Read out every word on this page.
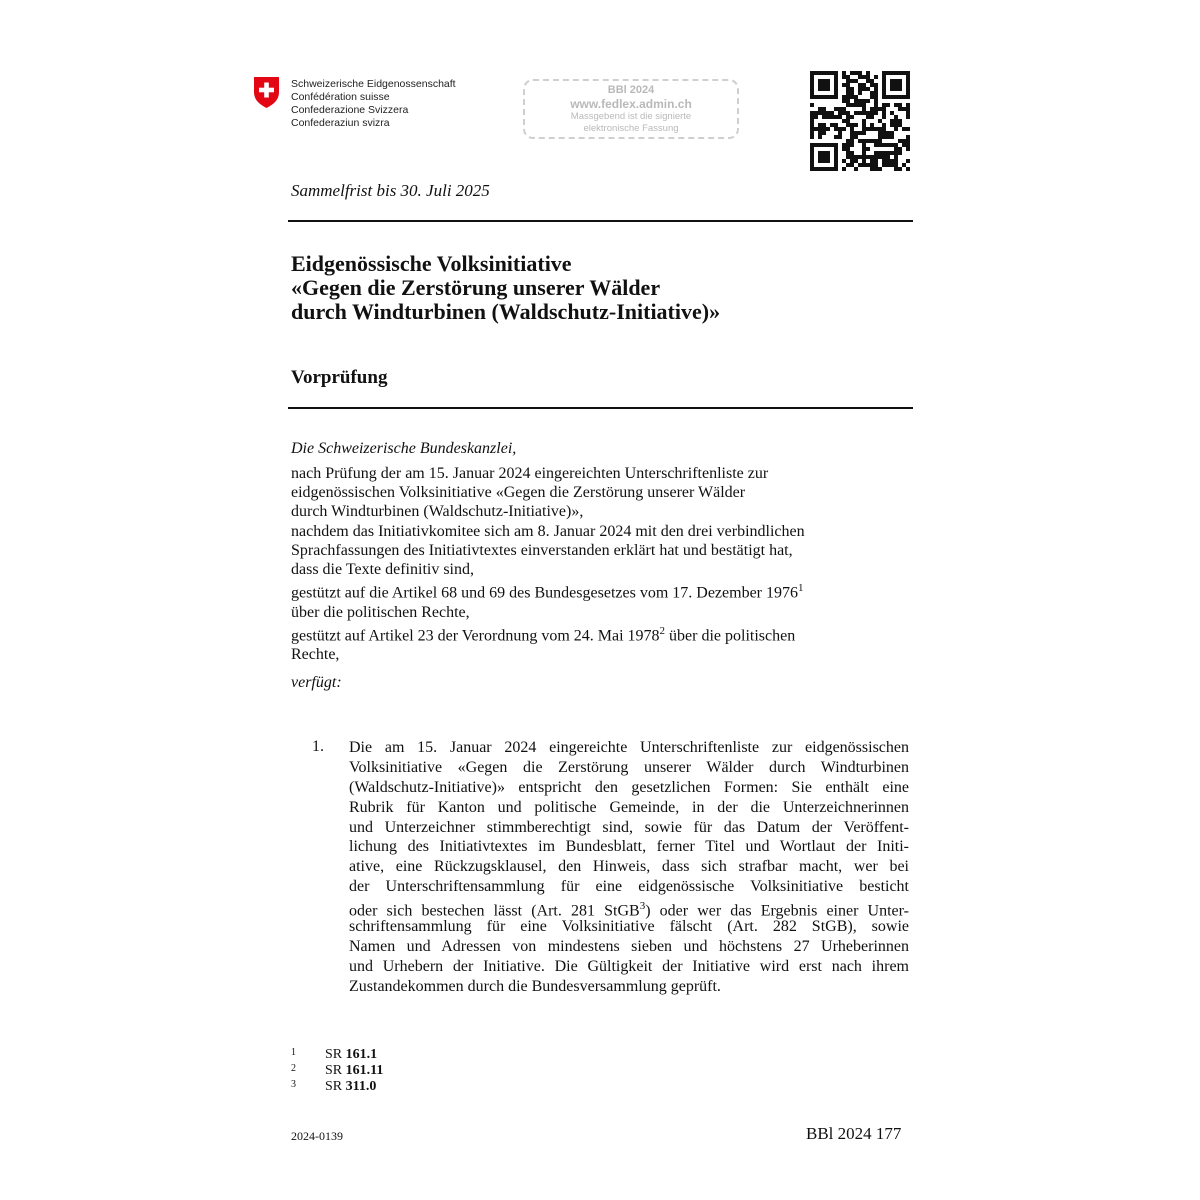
Schweizerische Eidgenossenschaft
Confédération suisse
Confederazione Svizzera
Confederaziun svizra
BBl 2024
www.fedlex.admin.ch
Massgebend ist die signierte
elektronische Fassung
Sammelfrist bis 30. Juli 2025
Eidgenössische Volksinitiative
«Gegen die Zerstörung unserer Wälder
durch Windturbinen (Waldschutz-Initiative)»
Vorprüfung
Die Schweizerische Bundeskanzlei,
nach Prüfung der am 15. Januar 2024 eingereichten Unterschriftenliste zur
eidgenössischen Volksinitiative «Gegen die Zerstörung unserer Wälder
durch Windturbinen (Waldschutz-Initiative)»,
nachdem das Initiativkomitee sich am 8. Januar 2024 mit den drei verbindlichen
Sprachfassungen des Initiativtextes einverstanden erklärt hat und bestätigt hat,
dass die Texte definitiv sind,
gestützt auf die Artikel 68 und 69 des Bundesgesetzes vom 17. Dezember 1976$^1$
über die politischen Rechte,
gestützt auf Artikel 23 der Verordnung vom 24. Mai 1978$^2$ über die politischen
Rechte,
verfügt:
1. Die am 15. Januar 2024 eingereichte Unterschriftenliste zur eidgenössischen
Volksinitiative «Gegen die Zerstörung unserer Wälder durch Windturbinen
(Waldschutz-Initiative)» entspricht den gesetzlichen Formen: Sie enthält eine
Rubrik für Kanton und politische Gemeinde, in der die Unterzeichnerinnen
und Unterzeichner stimmberechtigt sind, sowie für das Datum der Veröffent-
lichung des Initiativtextes im Bundesblatt, ferner Titel und Wortlaut der Initi-
ative, eine Rückzugsklausel, den Hinweis, dass sich strafbar macht, wer bei
der Unterschriftensammlung für eine eidgenössische Volksinitiative besticht
oder sich bestechen lässt (Art. 281 StGB$^3$) oder wer das Ergebnis einer Unter-
schriftensammlung für eine Volksinitiative fälscht (Art. 282 StGB), sowie
Namen und Adressen von mindestens sieben und höchstens 27 Urheberinnen
und Urhebern der Initiative. Die Gültigkeit der Initiative wird erst nach ihrem
Zustandekommen durch die Bundesversammlung geprüft.
1 SR 161.1
2 SR 161.11
3 SR 311.0
2024-0139	BBl 2024 177
